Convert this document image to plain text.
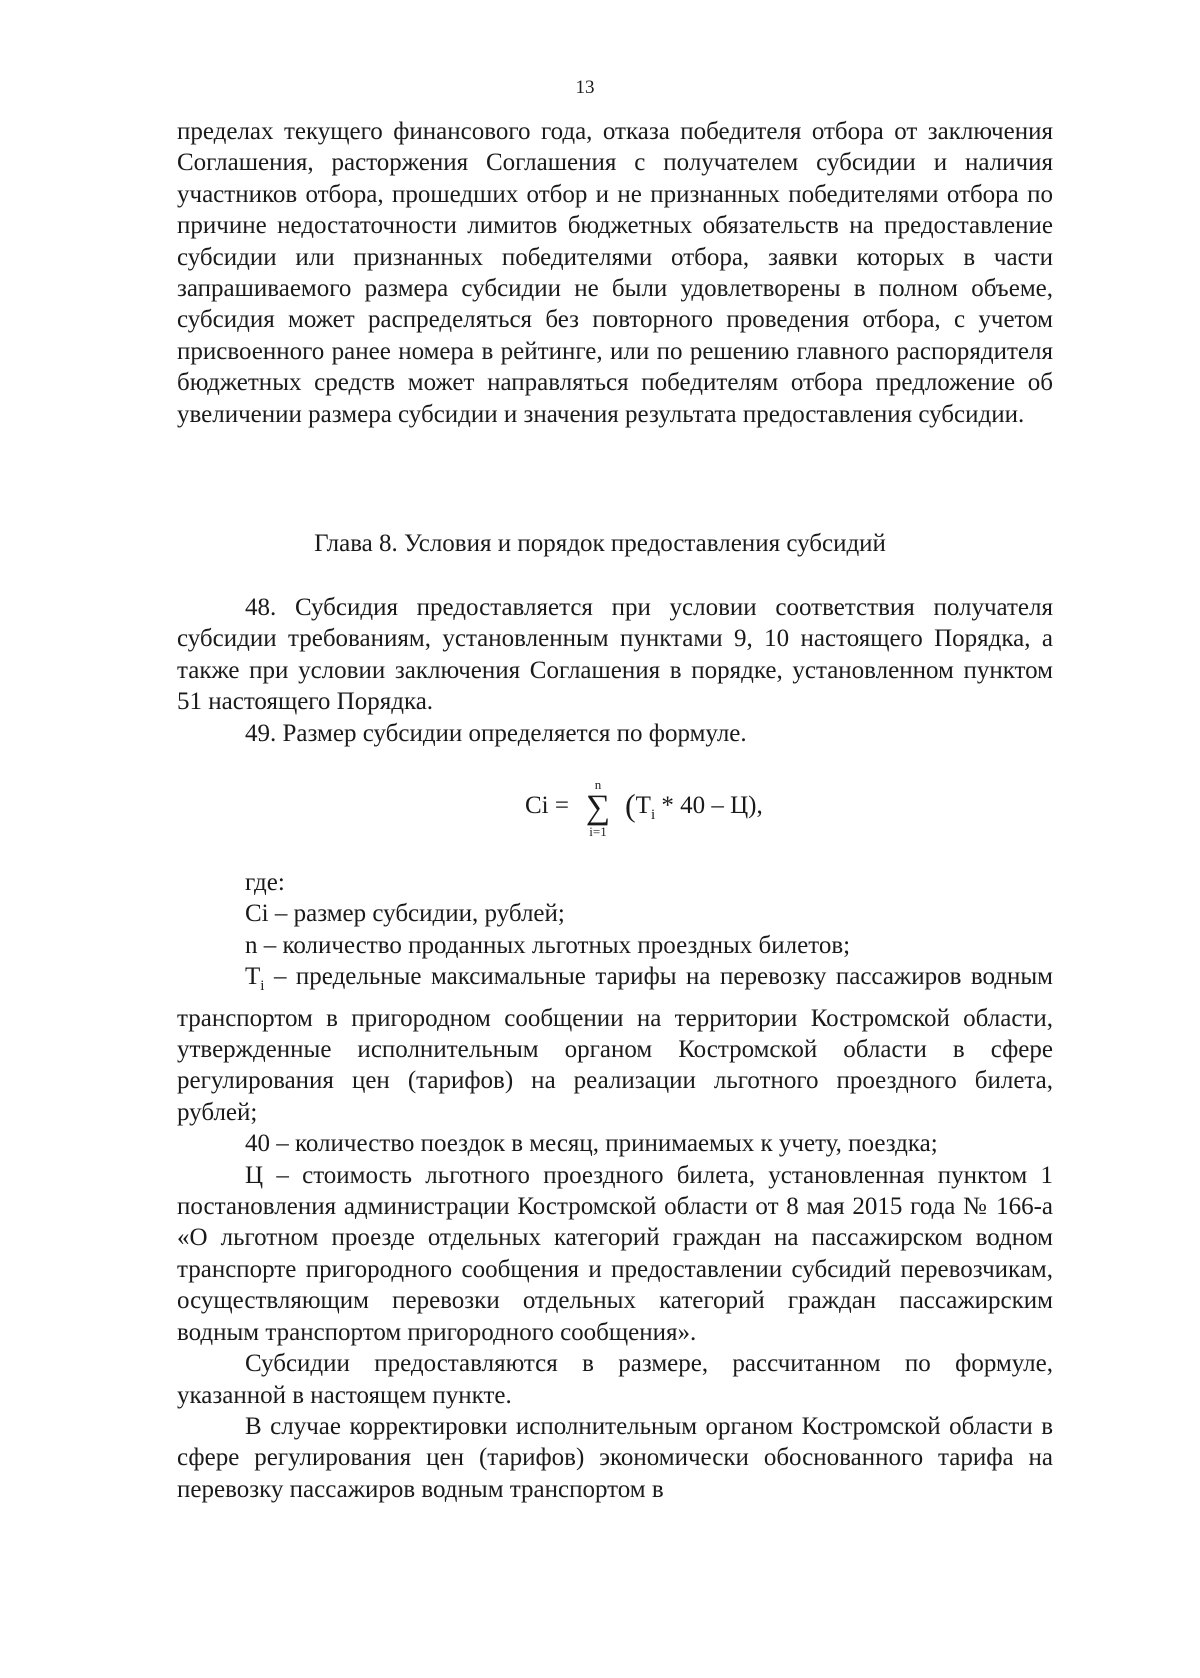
13

пределах текущего финансового года, отказа победителя отбора от заключения Соглашения, расторжения Соглашения с получателем субсидии и наличия участников отбора, прошедших отбор и не признанных победителями отбора по причине недостаточности лимитов бюджетных обязательств на предоставление субсидии или признанных победителями отбора, заявки которых в части запрашиваемого размера субсидии не были удовлетворены в полном объеме, субсидия может распределяться без повторного проведения отбора, с учетом присвоенного ранее номера в рейтинге, или по решению главного распорядителя бюджетных средств может направляться победителям отбора предложение об увеличении размера субсидии и значения результата предоставления субсидии.

Глава 8. Условия и порядок предоставления субсидий

48. Субсидия предоставляется при условии соответствия получателя субсидии требованиям, установленным пунктами 9, 10 настоящего Порядка, а также при условии заключения Соглашения в порядке, установленном пунктом 51 настоящего Порядка.

49. Размер субсидии определяется по формуле.

Ci =
n
∑
i=1
$(T_i * 40 - Ц)$,

где:

Ci – размер субсидии, рублей;

n – количество проданных льготных проездных билетов;

$T_i$ – предельные максимальные тарифы на перевозку пассажиров водным транспортом в пригородном сообщении на территории Костромской области, утвержденные исполнительным органом Костромской области в сфере регулирования цен (тарифов) на реализации льготного проездного билета, рублей;

40 – количество поездок в месяц, принимаемых к учету, поездка;

Ц – стоимость льготного проездного билета, установленная пунктом 1 постановления администрации Костромской области от 8 мая 2015 года № 166-а «О льготном проезде отдельных категорий граждан на пассажирском водном транспорте пригородного сообщения и предоставлении субсидий перевозчикам, осуществляющим перевозки отдельных категорий граждан пассажирским водным транспортом пригородного сообщения».

Субсидии предоставляются в размере, рассчитанном по формуле, указанной в настоящем пункте.

В случае корректировки исполнительным органом Костромской области в сфере регулирования цен (тарифов) экономически обоснованного тарифа на перевозку пассажиров водным транспортом в
